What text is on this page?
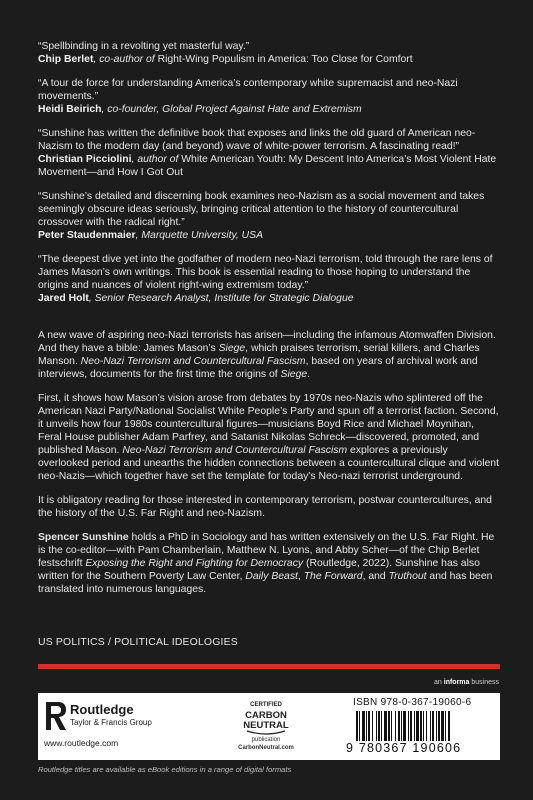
“Spellbinding in a revolting yet masterful way.”

Chip Berlet, co-author of Right-Wing Populism in America: Too Close for Comfort

“A tour de force for understanding America’s contemporary white supremacist and neo-Nazi movements.”

Heidi Beirich, co-founder, Global Project Against Hate and Extremism

“Sunshine has written the definitive book that exposes and links the old guard of American neo-Nazism to the modern day (and beyond) wave of white-power terrorism. A fascinating read!”

Christian Picciolini, author of White American Youth: My Descent Into America’s Most Violent Hate Movement—and How I Got Out

“Sunshine’s detailed and discerning book examines neo-Nazism as a social movement and takes seemingly obscure ideas seriously, bringing critical attention to the history of countercultural crossover with the radical right.”

Peter Staudenmaier, Marquette University, USA

“The deepest dive yet into the godfather of modern neo-Nazi terrorism, told through the rare lens of James Mason’s own writings. This book is essential reading to those hoping to understand the origins and nuances of violent right-wing extremism today.”

Jared Holt, Senior Research Analyst, Institute for Strategic Dialogue

A new wave of aspiring neo-Nazi terrorists has arisen—including the infamous Atomwaffen Division. And they have a bible: James Mason’s Siege, which praises terrorism, serial killers, and Charles Manson. Neo-Nazi Terrorism and Countercultural Fascism, based on years of archival work and interviews, documents for the first time the origins of Siege.

First, it shows how Mason’s vision arose from debates by 1970s neo-Nazis who splintered off the American Nazi Party/National Socialist White People’s Party and spun off a terrorist faction. Second, it unveils how four 1980s countercultural figures—musicians Boyd Rice and Michael Moynihan, Feral House publisher Adam Parfrey, and Satanist Nikolas Schreck—discovered, promoted, and published Mason. Neo-Nazi Terrorism and Countercultural Fascism explores a previously overlooked period and unearths the hidden connections between a countercultural clique and violent neo-Nazis—which together have set the template for today’s Neo-nazi terrorist underground.

It is obligatory reading for those interested in contemporary terrorism, postwar countercultures, and the history of the U.S. Far Right and neo-Nazism.

Spencer Sunshine holds a PhD in Sociology and has written extensively on the U.S. Far Right. He is the co-editor—with Pam Chamberlain, Matthew N. Lyons, and Abby Scher—of the Chip Berlet festschrift Exposing the Right and Fighting for Democracy (Routledge, 2022). Sunshine has also written for the Southern Poverty Law Center, Daily Beast, The Forward, and Truthout and has been translated into numerous languages.

US POLITICS / POLITICAL IDEOLOGIES
an informa business
Routledge
Taylor & Francis Group
www.routledge.com
CERTIFIED
CARBON
NEUTRAL
publication
CarbonNeutral.com
ISBN 978-0-367-19060-6
9 780367 190606
Routledge titles are available as eBook editions in a range of digital formats
